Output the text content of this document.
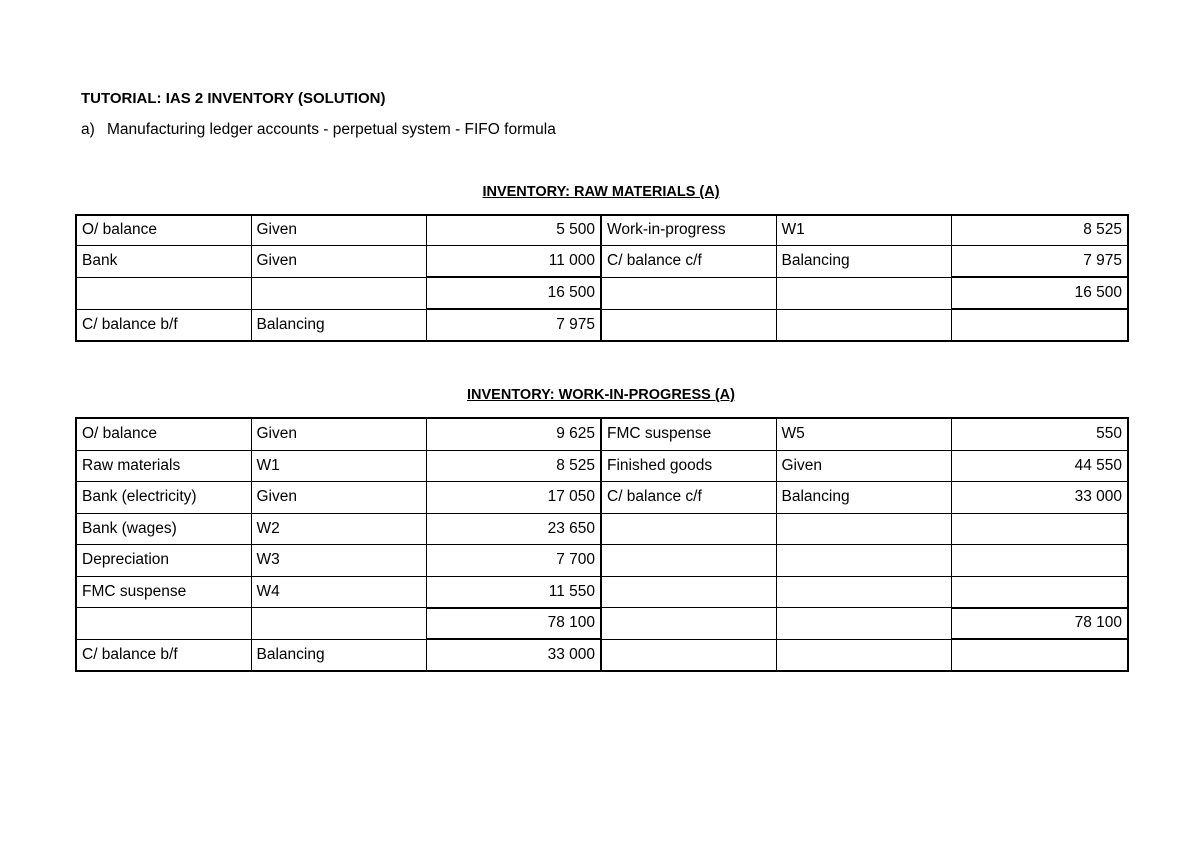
TUTORIAL: IAS 2 INVENTORY (SOLUTION)
a) Manufacturing ledger accounts - perpetual system - FIFO formula
INVENTORY: RAW MATERIALS (A)
O/ balance	Given	5 500	Work-in-progress	W1	8 525
Bank	Given	11 000	C/ balance c/f	Balancing	7 975
		16 500			16 500
C/ balance b/f	Balancing	7 975			
INVENTORY: WORK-IN-PROGRESS (A)
O/ balance	Given	9 625	FMC suspense	W5	550
Raw materials	W1	8 525	Finished goods	Given	44 550
Bank (electricity)	Given	17 050	C/ balance c/f	Balancing	33 000
Bank (wages)	W2	23 650			
Depreciation	W3	7 700			
FMC suspense	W4	11 550			
		78 100			78 100
C/ balance b/f	Balancing	33 000			
